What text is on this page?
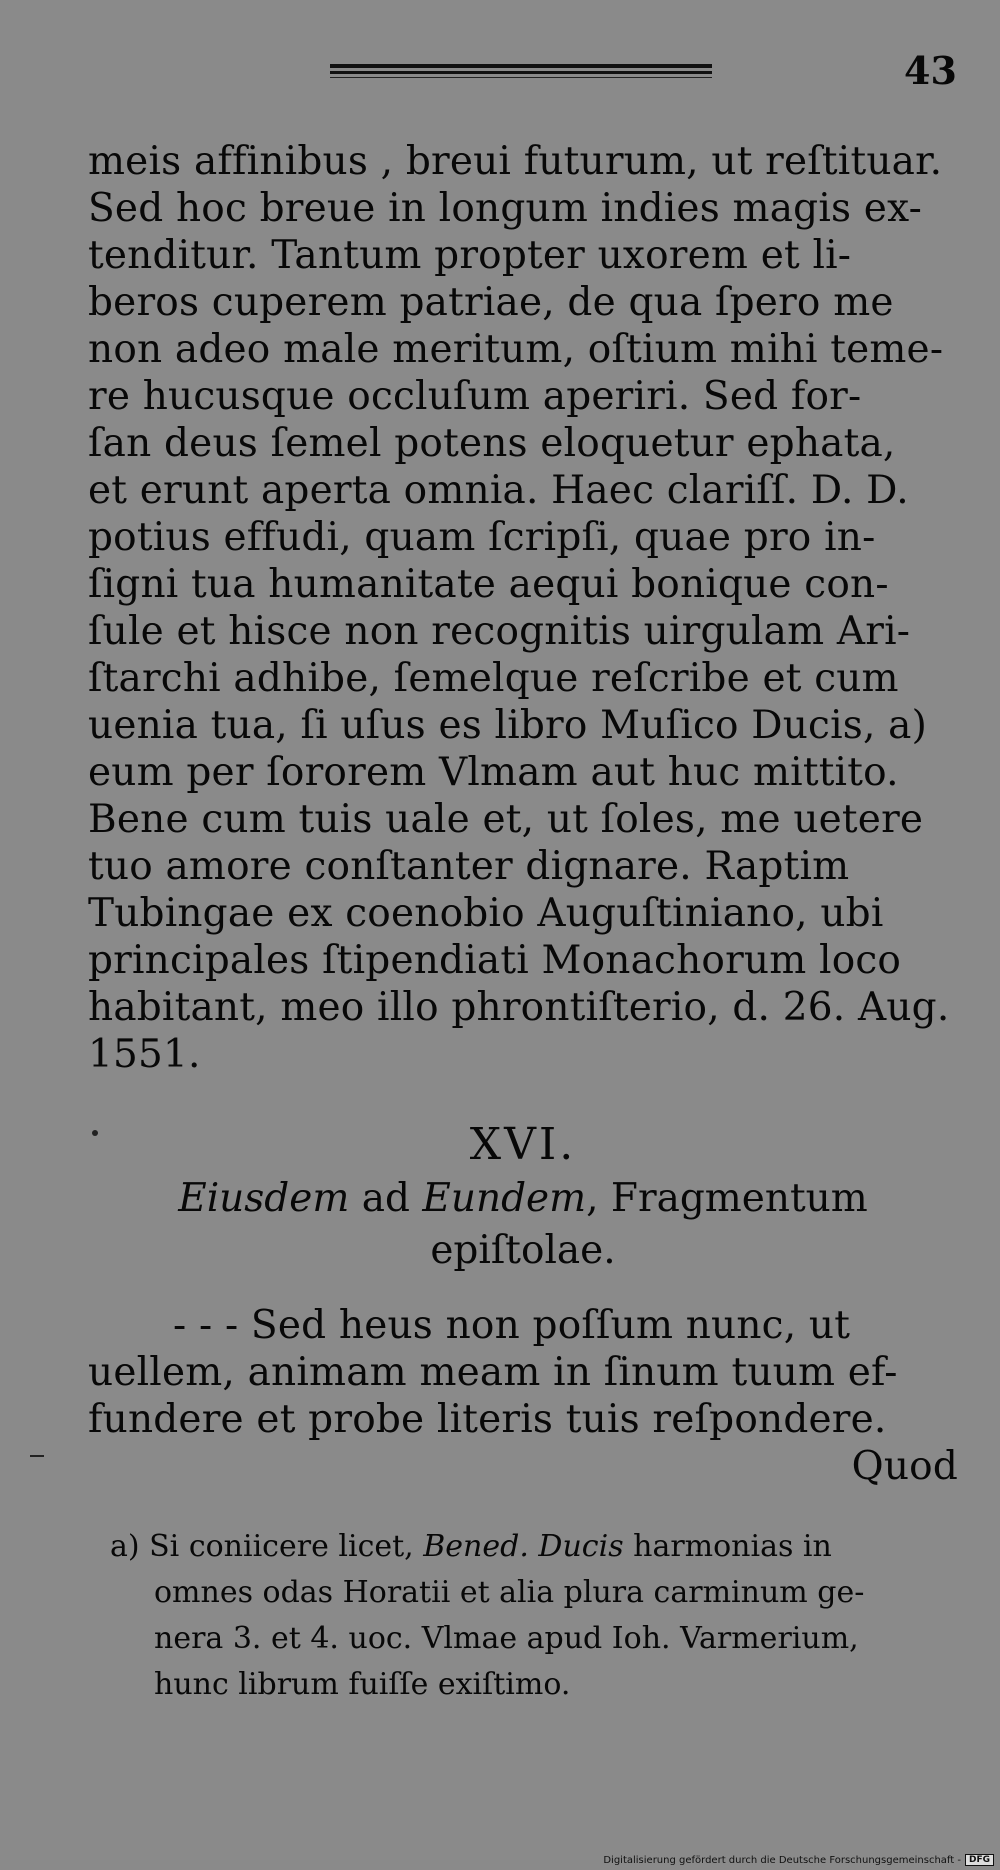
43
meis affinibus , breui futurum, ut reſtituar.
Sed hoc breue in longum indies magis ex-
tenditur. Tantum propter uxorem et li-
beros cuperem patriae, de qua ſpero me
non adeo male meritum, oſtium mihi teme-
re hucusque occluſum aperiri. Sed for-
ſan deus ſemel potens eloquetur ephata,
et erunt aperta omnia. Haec clariſſ. D. D.
potius effudi, quam ſcripſi, quae pro in-
ſigni tua humanitate aequi boniquе con-
ſule et hisce non recognitis uirgulam Ari-
ſtarchi adhibe, ſemelque reſcribe et cum
uenia tua, ſi uſus es libro Muſico Ducis, a)
eum per ſororem Vlmam aut huc mittito.
Bene cum tuis uale et, ut ſoles, me uetere
tuo amore conſtanter dignare. Raptim
Tubingae ex coenobio Auguſtiniano, ubi
principales ſtipendiati Monachorum loco
habitant, meo illo phrontiſterio, d. 26. Aug.
1551.
XVI.
Eiusdem ad Eundem, Fragmentum
epiſtolae.
- - - Sed heus non poſſum nunc, ut
uellem, animam meam in ſinum tuum ef-
fundere et probe literis tuis reſpondere.
Quod
a) Si coniicere licet, Bened. Ducis harmonias in
omnes odas Horatii et alia plura carminum ge-
nera 3. et 4. uoc. Vlmae apud Ioh. Varmerium,
hunc librum fuiſſe exiſtimo.
Digitalisierung gefördert durch die Deutsche Forschungsgemeinschaft - DFG
